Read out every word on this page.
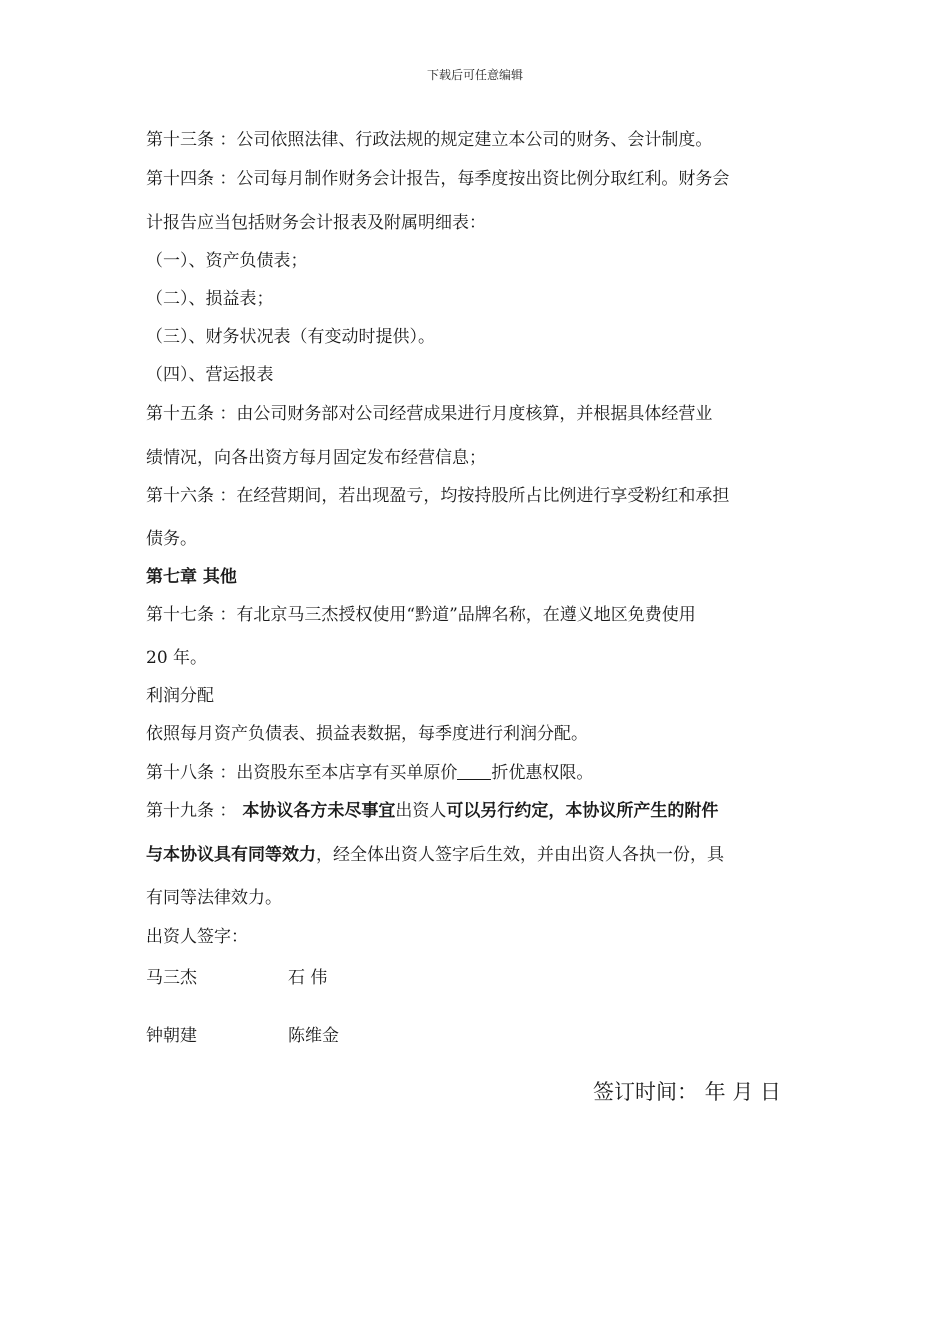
下载后可任意编辑
第十三条 ：公司依照法律、行政法规的规定建立本公司的财务、会计制度。
第十四条 ：公司每月制作财务会计报告，每季度按出资比例分取红利。财务会
计报告应当包括财务会计报表及附属明细表：
（一）、资产负债表；
（二）、损益表；
（三）、财务状况表（有变动时提供）。
（四）、营运报表
第十五条 ：由公司财务部对公司经营成果进行月度核算，并根据具体经营业
绩情况，向各出资方每月固定发布经营信息；
第十六条 ：在经营期间，若出现盈亏，均按持股所占比例进行享受粉红和承担
债务。
第七章 其他
第十七条 ：有北京马三杰授权使用“黔道”品牌名称，在遵义地区免费使用
20 年。
利润分配
依照每月资产负债表、损益表数据，每季度进行利润分配。
第十八条 ：出资股东至本店享有买单原价 折优惠权限。
第十九条 ： 本协议各方未尽事宜出资人可以另行约定，本协议所产生的附件
与本协议具有同等效力，经全体出资人签字后生效，并由出资人各执一份，具
有同等法律效力。
出资人签字：
马三杰	石 伟
钟朝建	陈维金
签订时间： 年 月 日
